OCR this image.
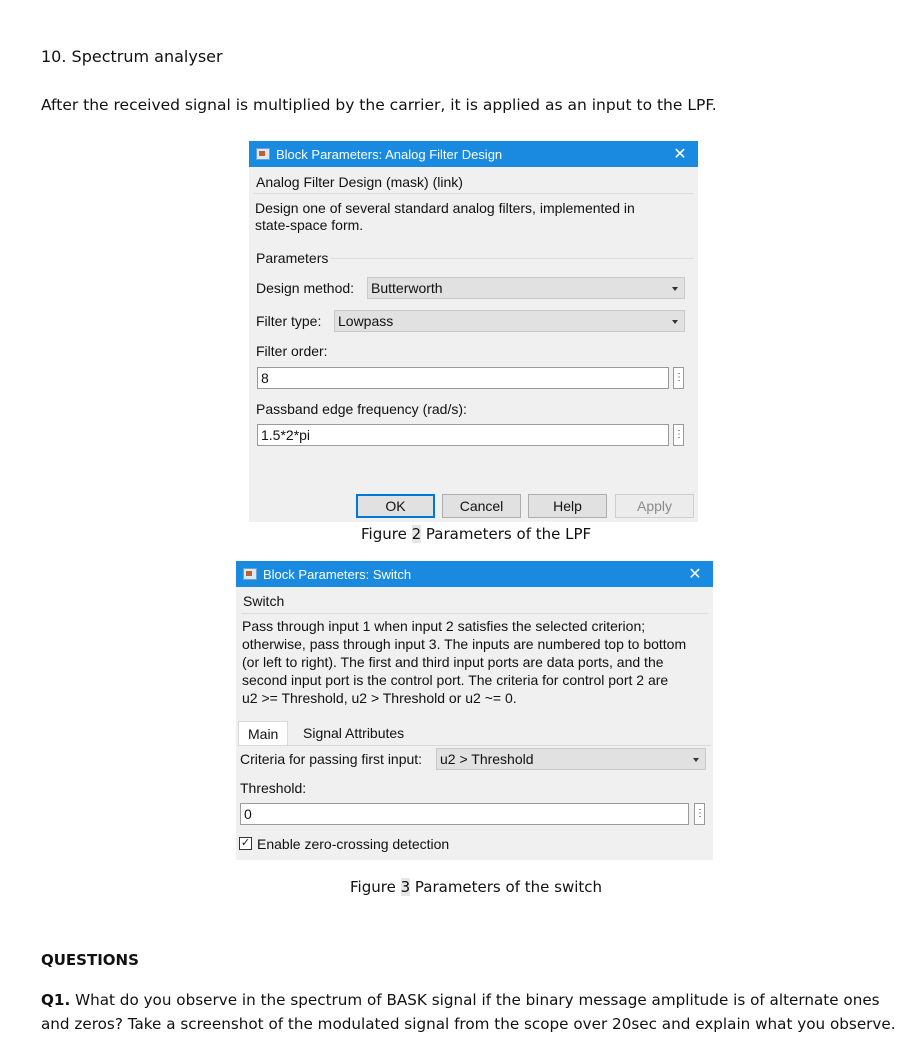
10. Spectrum analyser
After the received signal is multiplied by the carrier, it is applied as an input to the LPF.
Block Parameters: Analog Filter Design	✕
Analog Filter Design (mask) (link)
Design one of several standard analog filters, implemented in
state-space form.
Parameters
Design method: Butterworth
Filter type: Lowpass
Filter order:
8	⋮
Passband edge frequency (rad/s):
1.5*2*pi	⋮
OK	Cancel	Help	Apply
Figure 2 Parameters of the LPF
Block Parameters: Switch	✕
Switch
Pass through input 1 when input 2 satisfies the selected criterion;
otherwise, pass through input 3. The inputs are numbered top to bottom
(or left to right). The first and third input ports are data ports, and the
second input port is the control port. The criteria for control port 2 are
u2 >= Threshold, u2 > Threshold or u2 ~= 0.
Main	Signal Attributes
Criteria for passing first input: u2 > Threshold
Threshold:
0	⋮
✓ Enable zero-crossing detection
Figure 3 Parameters of the switch
QUESTIONS
Q1. What do you observe in the spectrum of BASK signal if the binary message amplitude is of alternate ones and zeros? Take a screenshot of the modulated signal from the scope over 20sec and explain what you observe.
